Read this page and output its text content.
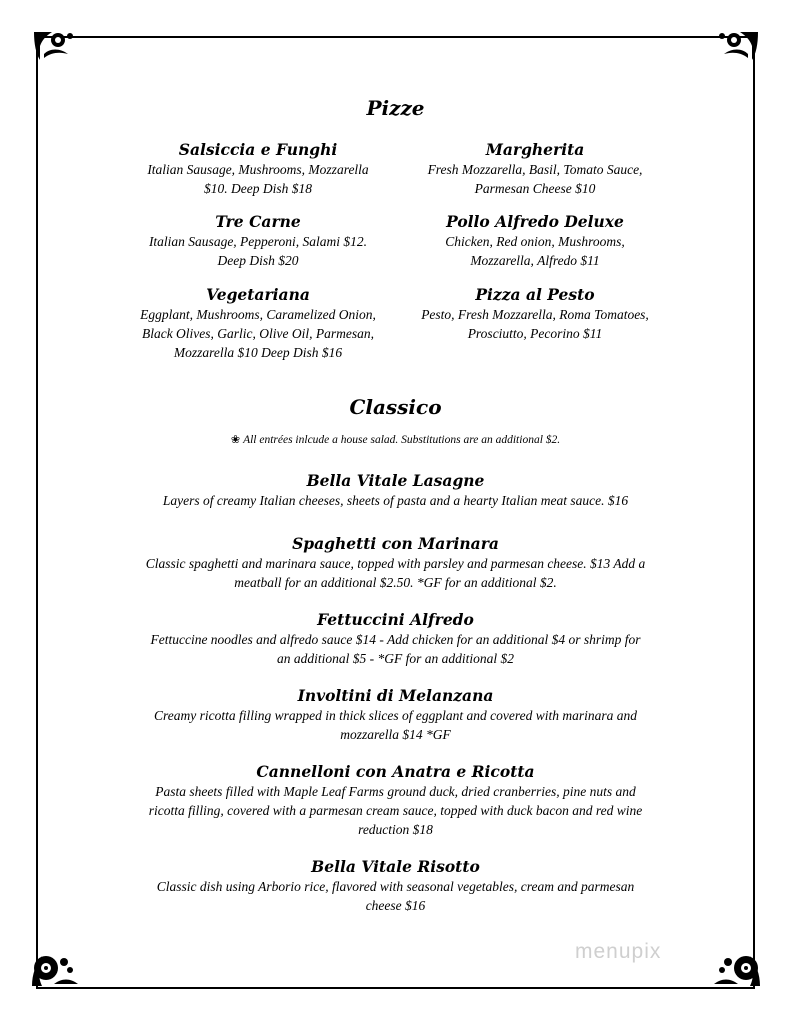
Pizze
Salsiccia e Funghi
Italian Sausage, Mushrooms, Mozzarella $10. Deep Dish $18
Tre Carne
Italian Sausage, Pepperoni, Salami $12. Deep Dish $20
Vegetariana
Eggplant, Mushrooms, Caramelized Onion, Black Olives, Garlic, Olive Oil, Parmesan, Mozzarella $10 Deep Dish $16
Margherita
Fresh Mozzarella, Basil, Tomato Sauce, Parmesan Cheese $10
Pollo Alfredo Deluxe
Chicken, Red onion, Mushrooms, Mozzarella, Alfredo $11
Pizza al Pesto
Pesto, Fresh Mozzarella, Roma Tomatoes, Prosciutto, Pecorino $11
Classico
❀ All entrées inlcude a house salad. Substitutions are an additional $2.
Bella Vitale Lasagne
Layers of creamy Italian cheeses, sheets of pasta and a hearty Italian meat sauce. $16
Spaghetti con Marinara
Classic spaghetti and marinara sauce, topped with parsley and parmesan cheese. $13 Add a meatball for an additional $2.50. *GF for an additional $2.
Fettuccini Alfredo
Fettuccine noodles and alfredo sauce $14 - Add chicken for an additional $4 or shrimp for an additional $5 - *GF for an additional $2
Involtini di Melanzana
Creamy ricotta filling wrapped in thick slices of eggplant and covered with marinara and mozzarella $14 *GF
Cannelloni con Anatra e Ricotta
Pasta sheets filled with Maple Leaf Farms ground duck, dried cranberries, pine nuts and ricotta filling, covered with a parmesan cream sauce, topped with duck bacon and red wine reduction $18
Bella Vitale Risotto
Classic dish using Arborio rice, flavored with seasonal vegetables, cream and parmesan cheese $16
menupix
